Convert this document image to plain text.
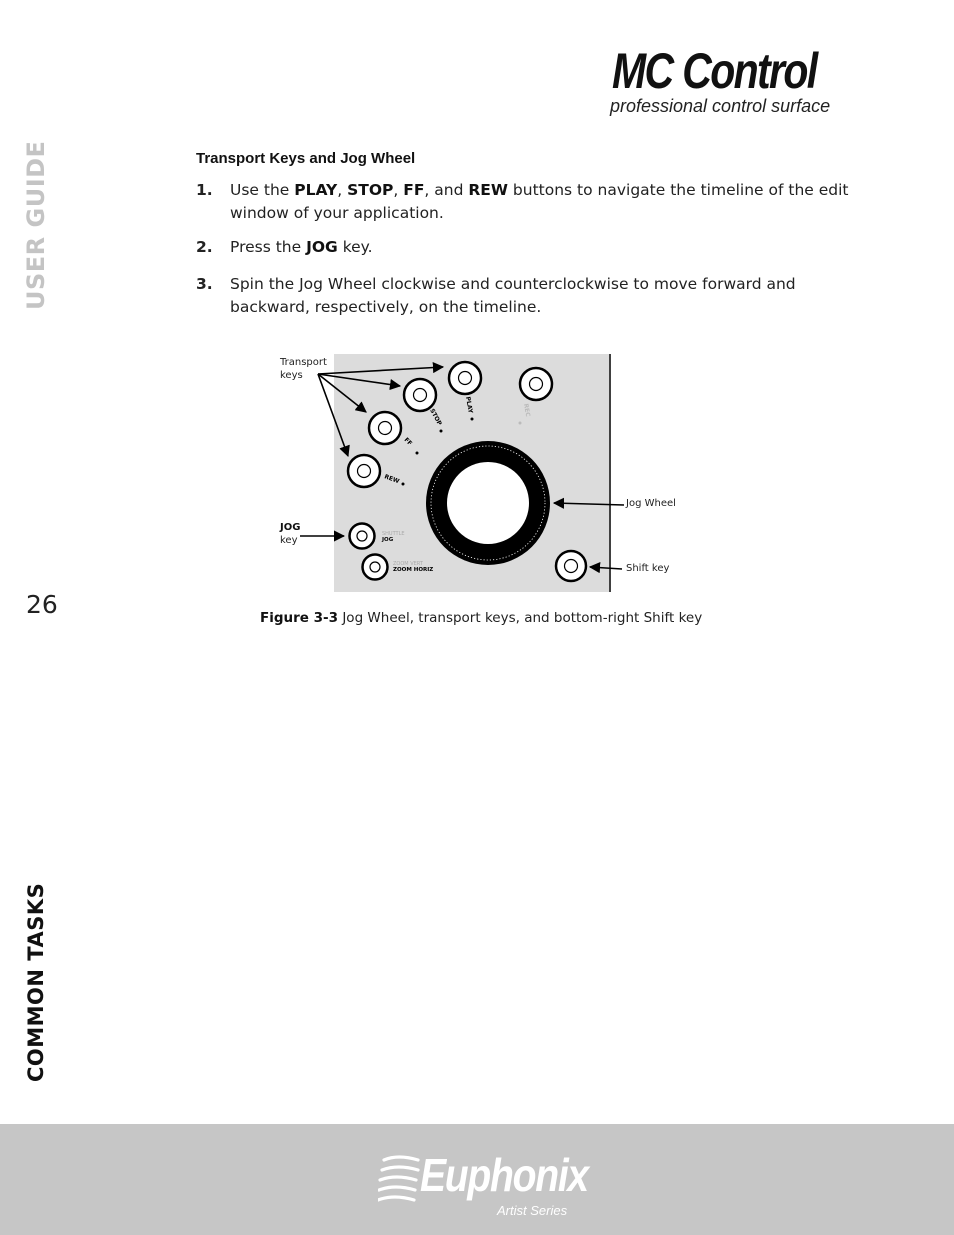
MC Control
professional control surface
USER GUIDE
26
COMMON TASKS
Transport Keys and Jog Wheel
1. Use the PLAY, STOP, FF, and REW buttons to navigate the timeline of the edit window of your application.
2. Press the JOG key.
3. Spin the Jog Wheel clockwise and counterclockwise to move forward and backward, respectively, on the timeline.
PLAY	REC
STOP
FF
REW
SHUTTLE
JOG
ZOOM VERT
ZOOM HORIZ
Transport
keys
JOG
key
Jog Wheel
Shift key
Figure 3-3 Jog Wheel, transport keys, and bottom-right Shift key
Euphonix
Artist Series
